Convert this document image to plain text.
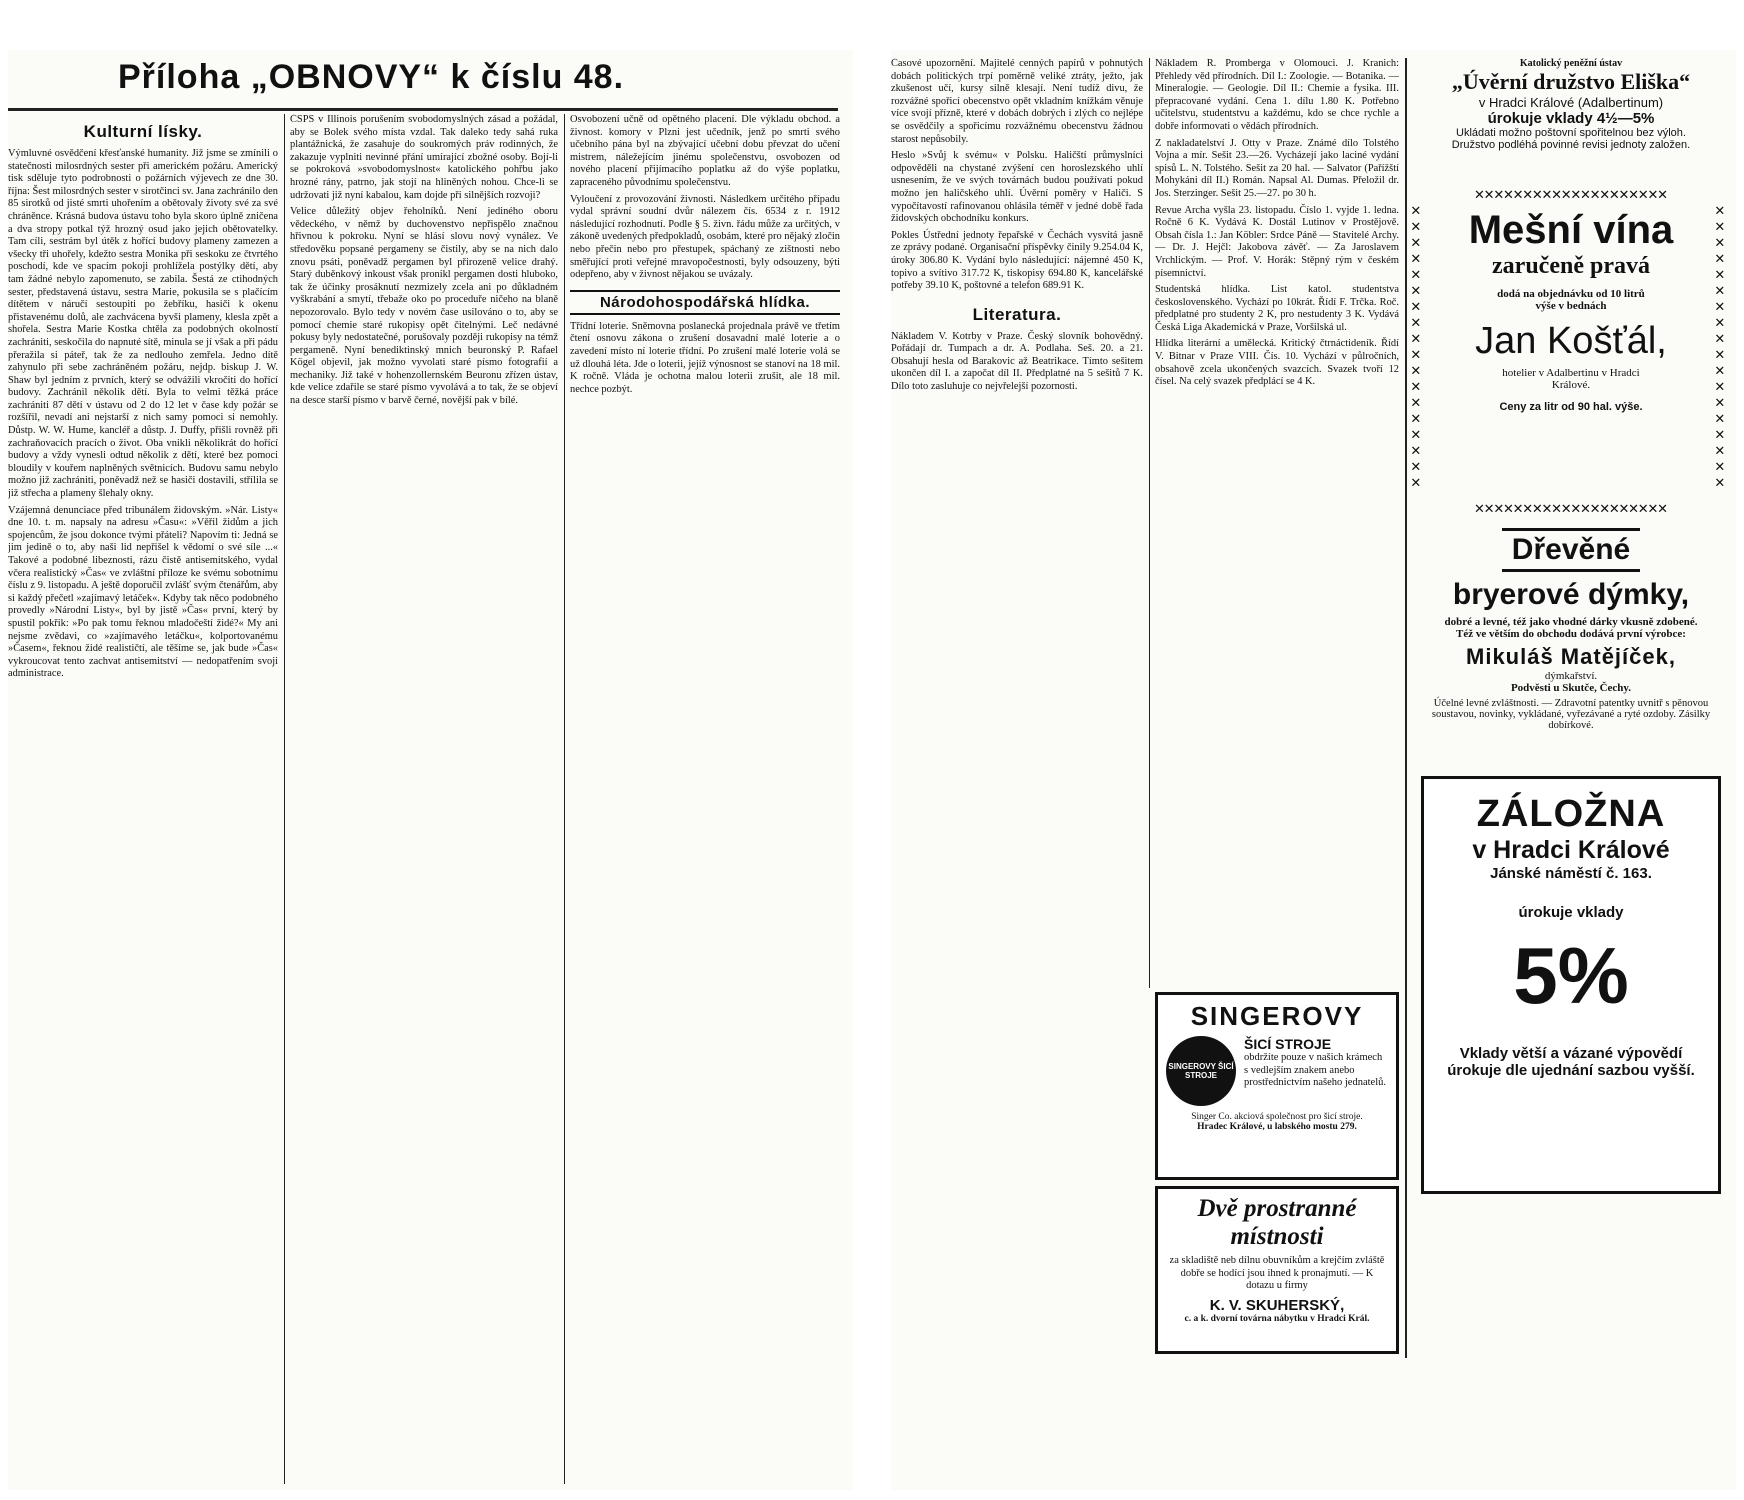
Příloha „OBNOVY“ k číslu 48.
Kulturní lísky.
Výmluvné osvědčení křesťanské humanity. Již jsme se zmínili o statečnosti milosrdných sester při americkém požáru. Americký tisk sděluje tyto podrobnosti o požárních výjevech ze dne 30. října: Šest milosrdných sester v sirotčinci sv. Jana zachránilo den 85 sirotků od jisté smrti uhořením a obětovaly životy své za své chráněnce. Krásná budova ústavu toho byla skoro úplně zničena a dva stropy potkal týž hrozný osud jako jejich obětovatelky. Tam cíli, sestrám byl útěk z hořící budovy plameny zamezen a všecky tři uhořely, kdežto sestra Monika při seskoku ze čtvrtého poschodí, kde ve spacím pokoji prohlížela postýlky dětí, aby tam žádné nebylo zapomenuto, se zabila. Šestá ze ctihodných sester, představená ústavu, sestra Marie, pokusila se s plačícím dítětem v náručí sestoupiti po žebříku, hasiči k okenu přistavenému dolů, ale zachvácena byvši plameny, klesla zpět a shořela. Sestra Marie Kostka chtěla za podobných okolností zachrániti, seskočila do napnuté sítě, minula se jí však a při pádu přeražila si páteř, tak že za nedlouho zemřela. Jedno dítě zahynulo při sebe zachráněném požáru, nejdp. biskup J. W. Shaw byl jedním z prvních, který se odvážili vkročiti do hořící budovy. Zachránil několik dětí. Byla to velmi těžká práce zachrániti 87 dětí v ústavu od 2 do 12 let v čase kdy požár se rozšířil, nevadí ani nejstarší z nich samy pomoci si nemohly. Důstp. W. W. Hume, kancléř a důstp. J. Duffy, přišli rovněž při zachraňovacích pracích o život. Oba vnikli několikrát do hořící budovy a vždy vynesli odtud několik z dětí, které bez pomoci bloudily v kouřem naplněných světnicích. Budovu samu nebylo možno již zachrániti, poněvadž než se hasiči dostavili, střílila se již střecha a plameny šlehaly okny.
Vzájemná denunciace před tribunálem židovským. »Nár. Listy« dne 10. t. m. napsaly na adresu »Času«: »Věřil židům a jich spojencům, že jsou dokonce tvými přáteli? Napovím ti: Jedná se jim jedině o to, aby naši lid nepřišel k vědomí o své síle ...« Takové a podobné libeznosti, rázu čistě antisemitského, vydal včera realistický »Čas« ve zvláštní příloze ke svému sobotnímu číslu z 9. listopadu. A ještě doporučil zvlášť svým čtenářům, aby si každý přečetl »zajímavý letáček«. Kdyby tak něco podobného provedly »Národní Listy«, byl by jistě »Čas« první, který by spustil pokřik: »Po pak tomu řeknou mladočeští židé?« My ani nejsme zvědavi, co »zajímavého letáčku«, kolportovanému »Časem«, řeknou židé realističtí, ale těšíme se, jak bude »Čas« vykroucovat tento zachvat antisemitství — nedopatřením svoji administrace.
ČSPS v Illinois porušením svobodomyslných zásad a požádal, aby se Bolek svého místa vzdal. Tak daleko tedy sahá ruka plantážnická, že zasahuje do soukromých práv rodinných, že zakazuje vyplniti nevinné přání umírající zbožné osoby. Bojí-li se pokroková »svobodomyslnost« katolického pohřbu jako hrozné rány, patrno, jak stojí na hliněných nohou. Chce-li se udržovati již nyní kabalou, kam dojde při silnějších rozvoji?
Velice důležitý objev řeholníků. Není jediného oboru vědeckého, v němž by duchovenstvo nepřispělo značnou hřivnou k pokroku. Nyní se hlásí slovu nový vynález. Ve středověku popsané pergameny se čistily, aby se na nich dalo znovu psáti, poněvadž pergamen byl přirozeně velice drahý. Starý duběnkový inkoust však pronikl pergamen dosti hluboko, tak že účinky prosáknutí nezmizely zcela ani po důkladném vyškrabání a smytí, třebaže oko po proceduře ničeho na blaně nepozorovalo. Bylo tedy v novém čase usilováno o to, aby se pomocí chemie staré rukopisy opět čitelnými. Leč nedávné pokusy byly nedostatečné, porušovaly později rukopisy na témž pergameně. Nyní benediktinský mnich beuronský P. Rafael Kögel objevil, jak možno vyvolati staré písmo fotografií a mechaniky. Již také v hohenzollernském Beuronu zřízen ústav, kde velice zdařile se staré písmo vyvolává a to tak, že se objeví na desce starší písmo v barvě černé, novější pak v bílé.
Osvobození učně od opětného placení. Dle výkladu obchod. a živnost. komory v Plzni jest učedník, jenž po smrti svého učebního pána byl na zbývající učební dobu převzat do učení mistrem, náležejícím jinému společenstvu, osvobozen od nového placení přijímacího poplatku až do výše poplatku, zapraceného původnímu společenstvu.
Vyloučení z provozování živnosti. Následkem určitého případu vydal správní soudní dvůr nálezem čís. 6534 z r. 1912 následující rozhodnutí. Podle § 5. živn. řádu může za určitých, v zákoně uvedených předpokladů, osobám, které pro nějaký zločin nebo přečin nebo pro přestupek, spáchaný ze zištnosti nebo směřující proti veřejné mravopočestnosti, byly odsouzeny, býti odepřeno, aby v živnost nějakou se uvázaly.
Národohospodářská hlídka.
Třídní loterie. Sněmovna poslanecká projednala právě ve třetím čtení osnovu zákona o zrušení dosavadní malé loterie a o zavedení místo ní loterie třídní. Po zrušení malé loterie volá se už dlouhá léta. Jde o loterii, jejíž výnosnost se stanoví na 18 mil. K ročně. Vláda je ochotna malou loterii zrušit, ale 18 mil. nechce pozbýt.
Časové upozornění. Majitelé cenných papírů v pohnutých dobách politických trpí poměrně veliké ztráty, ježto, jak zkušenost učí, kursy silně klesají. Není tudíž divu, že rozvážné spořicí obecenstvo opět vkladním knížkám věnuje více svojí přízně, které v dobách dobrých i zlých co nejlépe se osvědčily a spořicímu rozvážnému obecenstvu žádnou starost nepůsobily.
Heslo »Svůj k svému« v Polsku. Haličští průmyslníci odpověděli na chystané zvýšení cen horoslezského uhlí usnesením, že ve svých továrnách budou používati pokud možno jen haličského uhlí. Úvěrní poměry v Haliči. S vypočítavostí rafinovanou ohlásila téměř v jedné době řada židovských obchodníku konkurs.
Pokles Ústřední jednoty řepařské v Čechách vysvítá jasně ze zprávy podané. Organisační příspěvky činily 9.254.04 K, úroky 306.80 K. Vydání bylo následující: nájemné 450 K, topivo a svítivo 317.72 K, tiskopisy 694.80 K, kancelářské potřeby 39.10 K, poštovné a telefon 689.91 K.
Literatura.
Nákladem V. Kotrby v Praze. Český slovník bohovědný. Pořádají dr. Tumpach a dr. A. Podlaha. Seš. 20. a 21. Obsahují hesla od Barakovic až Beatrikace. Tímto sešitem ukončen díl I. a započat díl II. Předplatné na 5 sešitů 7 K. Dílo toto zasluhuje co nejvřelejší pozornosti.
Nákladem R. Promberga v Olomouci. J. Kranich: Přehledy věd přírodních. Díl I.: Zoologie. — Botanika. — Mineralogie. — Geologie. Díl II.: Chemie a fysika. III. přepracované vydání. Cena 1. dílu 1.80 K. Potřebno učitelstvu, studentstvu a každému, kdo se chce rychle a dobře informovati o vědách přírodních.
Z nakladatelství J. Otty v Praze. Známé dílo Tolstého Vojna a mír. Sešit 23.—26. Vycházejí jako laciné vydání spisů L. N. Tolstého. Sešit za 20 hal. — Salvator (Pařížští Mohykáni díl II.) Román. Napsal Al. Dumas. Přeložil dr. Jos. Sterzinger. Sešit 25.—27. po 30 h.
Revue Archa vyšla 23. listopadu. Číslo 1. vyjde 1. ledna. Ročně 6 K. Vydává K. Dostál Lutinov v Prostějově. Obsah čísla 1.: Jan Köbler: Srdce Páně — Stavitelé Archy. — Dr. J. Hejčl: Jakobova závěť. — Za Jaroslavem Vrchlickým. — Prof. V. Horák: Stěpný rým v českém písemnictví.
Studentská hlídka. List katol. studentstva československého. Vychází po 10krát. Řídí F. Trčka. Roč. předplatné pro studenty 2 K, pro nestudenty 3 K. Vydává Česká Liga Akademická v Praze, Voršilská ul.
Hlídka literární a umělecká. Kritický čtrnáctideník. Řídí V. Bitnar v Praze VIII. Čís. 10. Vychází v půlročních, obsahově zcela ukončených svazcích. Svazek tvoří 12 čísel. Na celý svazek předplácí se 4 K.
SINGEROVY
SINGEROVY ŠICÍ STROJE
ŠICÍ STROJE
obdržíte pouze v našich krámech s vedlejším znakem anebo prostřednictvím našeho jednatelů.
Singer Co. akciová společnost pro šicí stroje.
Hradec Králové, u labského mostu 279.
Dvě prostranné
místnosti
za skladiště neb dílnu obuvníkům a krejčím zvláště dobře se hodící jsou ihned k pronajmutí. — K dotazu u firmy
K. V. SKUHERSKÝ,
c. a k. dvorní továrna nábytku v Hradci Král.
Katolický peněžní ústav
„Úvěrní družstvo Eliška“
v Hradci Králové (Adalbertinum)
úrokuje vklady 4½—5%
Ukládati možno poštovní spořitelnou bez výloh.
Družstvo podléhá povinné revisi jednoty založen.
✕✕✕✕✕✕✕✕✕✕✕✕✕✕✕✕✕✕✕✕
✕✕✕✕✕✕✕✕✕✕✕✕✕✕✕✕✕✕✕✕
✕✕✕✕✕✕✕✕✕✕✕✕✕✕✕✕✕✕
✕✕✕✕✕✕✕✕✕✕✕✕✕✕✕✕✕✕
Mešní vína
zaručeně pravá
dodá na objednávku od 10 litrů výše v bednách
Jan Košťál,
hotelier v Adalbertinu v Hradci Králové.
Ceny za litr od 90 hal. výše.
Dřevěné
bryerové dýmky,
dobré a levné, též jako vhodné dárky vkusně zdobené. Též ve větším do obchodu dodává první výrobce:
Mikuláš Matějíček,
dýmkařství.
Podvěsti u Skutče, Čechy.
Účelné levné zvláštnosti. — Zdravotní patentky uvnitř s pěnovou soustavou, novinky, vykládané, vyřezávané a ryté ozdoby. Zásilky dobírkové.
ZÁLOŽNA
v Hradci Králové
Jánské náměstí č. 163.
úrokuje vklady
5%
Vklady větší a vázané výpovědí úrokuje dle ujednání sazbou vyšší.
